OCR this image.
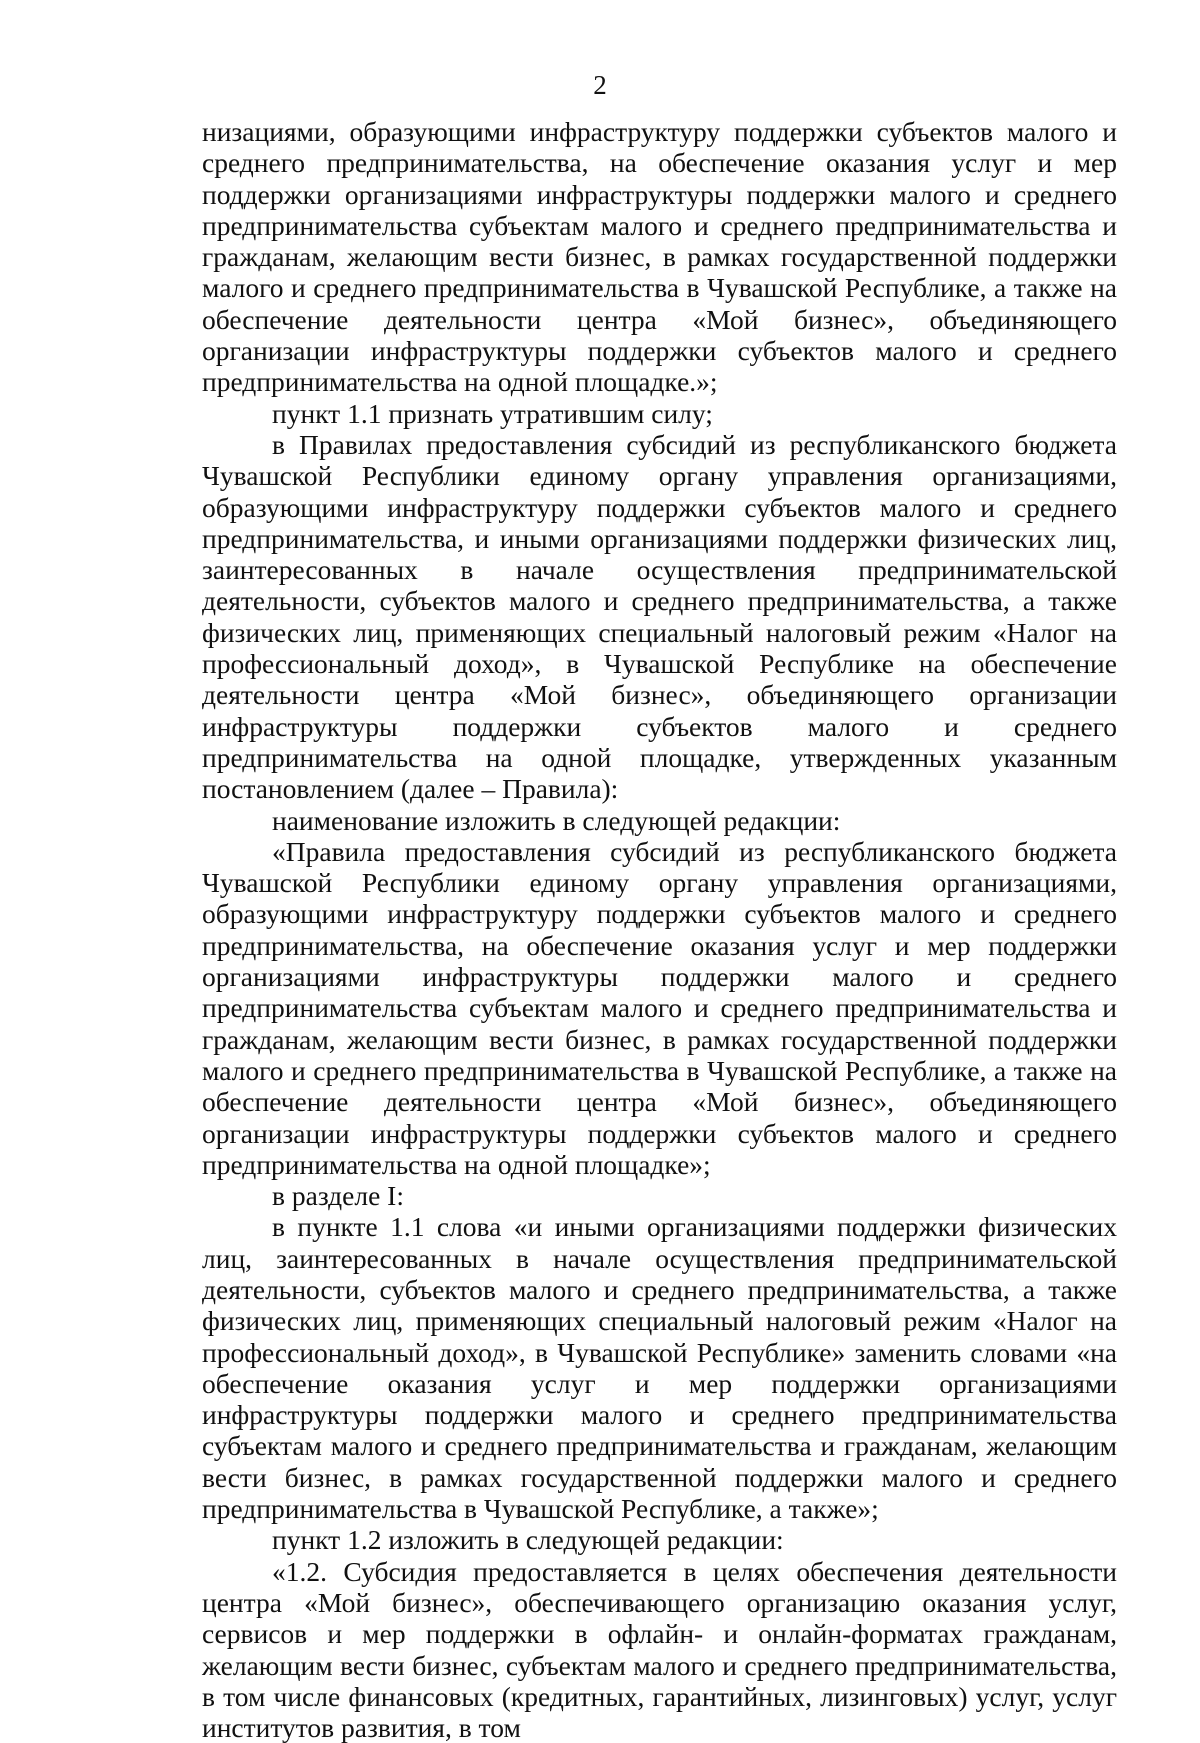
2

низациями, образующими инфраструктуру поддержки субъектов малого и среднего предпринимательства, на обеспечение оказания услуг и мер поддержки организациями инфраструктуры поддержки малого и среднего предпринимательства субъектам малого и среднего предпринимательства и гражданам, желающим вести бизнес, в рамках государственной поддержки малого и среднего предпринимательства в Чувашской Республике, а также на обеспечение деятельности центра «Мой бизнес», объединяющего организации инфраструктуры поддержки субъектов малого и среднего предпринимательства на одной площадке.»;

пункт 1.1 признать утратившим силу;

в Правилах предоставления субсидий из республиканского бюджета Чувашской Республики единому органу управления организациями, образующими инфраструктуру поддержки субъектов малого и среднего предпринимательства, и иными организациями поддержки физических лиц, заинтересованных в начале осуществления предпринимательской деятельности, субъектов малого и среднего предпринимательства, а также физических лиц, применяющих специальный налоговый режим «Налог на профессиональный доход», в Чувашской Республике на обеспечение деятельности центра «Мой бизнес», объединяющего организации инфраструктуры поддержки субъектов малого и среднего предпринимательства на одной площадке, утвержденных указанным постановлением (далее – Правила):

наименование изложить в следующей редакции:

«Правила предоставления субсидий из республиканского бюджета Чувашской Республики единому органу управления организациями, образующими инфраструктуру поддержки субъектов малого и среднего предпринимательства, на обеспечение оказания услуг и мер поддержки организациями инфраструктуры поддержки малого и среднего предпринимательства субъектам малого и среднего предпринимательства и гражданам, желающим вести бизнес, в рамках государственной поддержки малого и среднего предпринимательства в Чувашской Республике, а также на обеспечение деятельности центра «Мой бизнес», объединяющего организации инфраструктуры поддержки субъектов малого и среднего предпринимательства на одной площадке»;

в разделе I:

в пункте 1.1 слова «и иными организациями поддержки физических лиц, заинтересованных в начале осуществления предпринимательской деятельности, субъектов малого и среднего предпринимательства, а также физических лиц, применяющих специальный налоговый режим «Налог на профессиональный доход», в Чувашской Республике» заменить словами «на обеспечение оказания услуг и мер поддержки организациями инфраструктуры поддержки малого и среднего предпринимательства субъектам малого и среднего предпринимательства и гражданам, желающим вести бизнес, в рамках государственной поддержки малого и среднего предпринимательства в Чувашской Республике, а также»;

пункт 1.2 изложить в следующей редакции:

«1.2. Субсидия предоставляется в целях обеспечения деятельности центра «Мой бизнес», обеспечивающего организацию оказания услуг, сервисов и мер поддержки в офлайн- и онлайн-форматах гражданам, желающим вести бизнес, субъектам малого и среднего предпринимательства, в том числе финансовых (кредитных, гарантийных, лизинговых) услуг, услуг институтов развития, в том
